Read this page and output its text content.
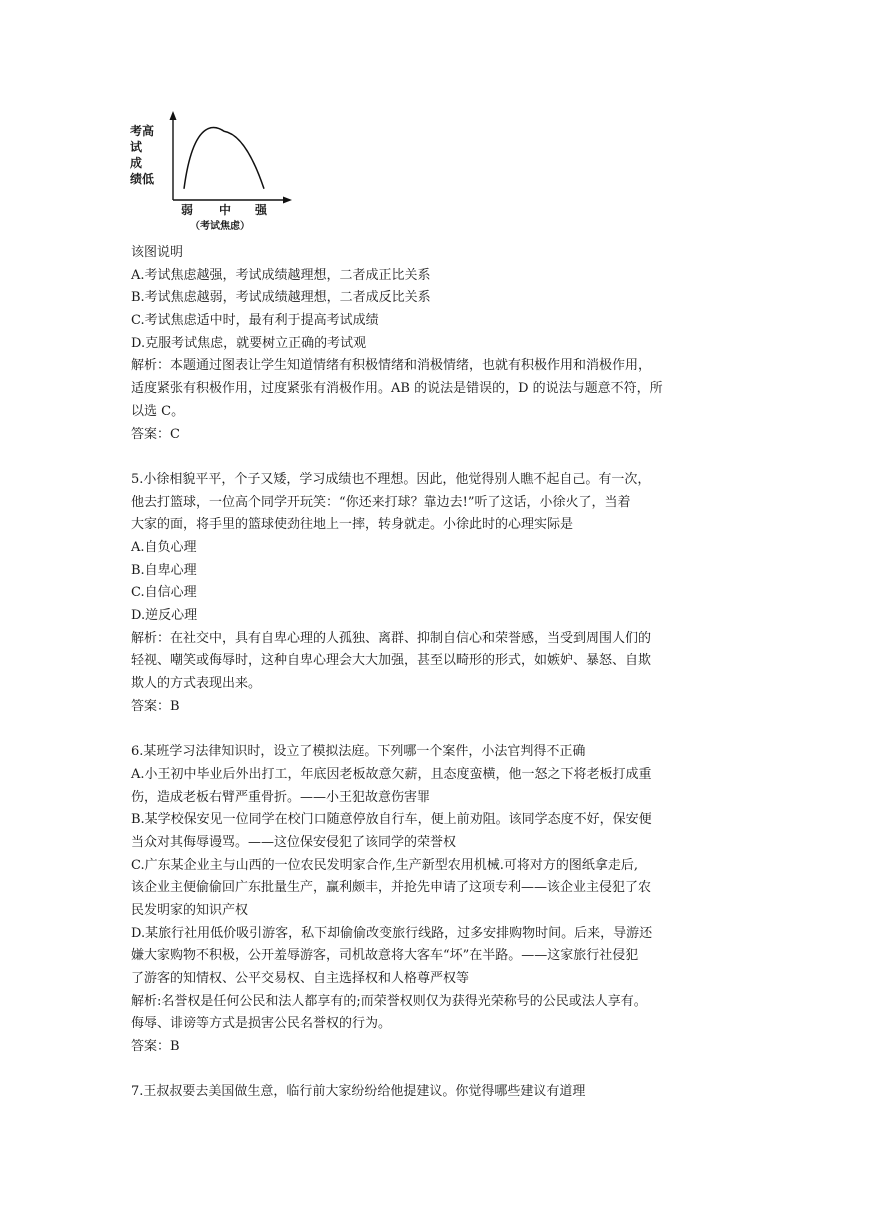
考高
试
成
绩低
弱 中 强
（考试焦虑）
该图说明
A.考试焦虑越强，考试成绩越理想，二者成正比关系
B.考试焦虑越弱，考试成绩越理想，二者成反比关系
C.考试焦虑适中时，最有利于提高考试成绩
D.克服考试焦虑，就要树立正确的考试观
解析：本题通过图表让学生知道情绪有积极情绪和消极情绪，也就有积极作用和消极作用，
适度紧张有积极作用，过度紧张有消极作用。AB 的说法是错误的，D 的说法与题意不符，所
以选 C。
答案：C
5.小徐相貌平平，个子又矮，学习成绩也不理想。因此，他觉得别人瞧不起自己。有一次，
他去打篮球，一位高个同学开玩笑：“你还来打球？靠边去!”听了这话，小徐火了，当着
大家的面，将手里的篮球使劲往地上一摔，转身就走。小徐此时的心理实际是
A.自负心理
B.自卑心理
C.自信心理
D.逆反心理
解析：在社交中，具有自卑心理的人孤独、离群、抑制自信心和荣誉感，当受到周围人们的
轻视、嘲笑或侮辱时，这种自卑心理会大大加强，甚至以畸形的形式，如嫉妒、暴怒、自欺
欺人的方式表现出来。
答案：B
6.某班学习法律知识时，设立了模拟法庭。下列哪一个案件，小法官判得不正确
A.小王初中毕业后外出打工，年底因老板故意欠薪，且态度蛮横，他一怒之下将老板打成重
伤，造成老板右臂严重骨折。——小王犯故意伤害罪
B.某学校保安见一位同学在校门口随意停放自行车，便上前劝阻。该同学态度不好，保安便
当众对其侮辱谩骂。——这位保安侵犯了该同学的荣誉权
C.广东某企业主与山西的一位农民发明家合作,生产新型农用机械.可将对方的图纸拿走后,
该企业主便偷偷回广东批量生产，赢利颇丰，并抢先申请了这项专利——该企业主侵犯了农
民发明家的知识产权
D.某旅行社用低价吸引游客，私下却偷偷改变旅行线路，过多安排购物时间。后来，导游还
嫌大家购物不积极，公开羞辱游客，司机故意将大客车“坏”在半路。——这家旅行社侵犯
了游客的知情权、公平交易权、自主选择权和人格尊严权等
解析:名誉权是任何公民和法人都享有的;而荣誉权则仅为获得光荣称号的公民或法人享有。
侮辱、诽谤等方式是损害公民名誉权的行为。
答案：B
7.王叔叔要去美国做生意，临行前大家纷纷给他提建议。你觉得哪些建议有道理
